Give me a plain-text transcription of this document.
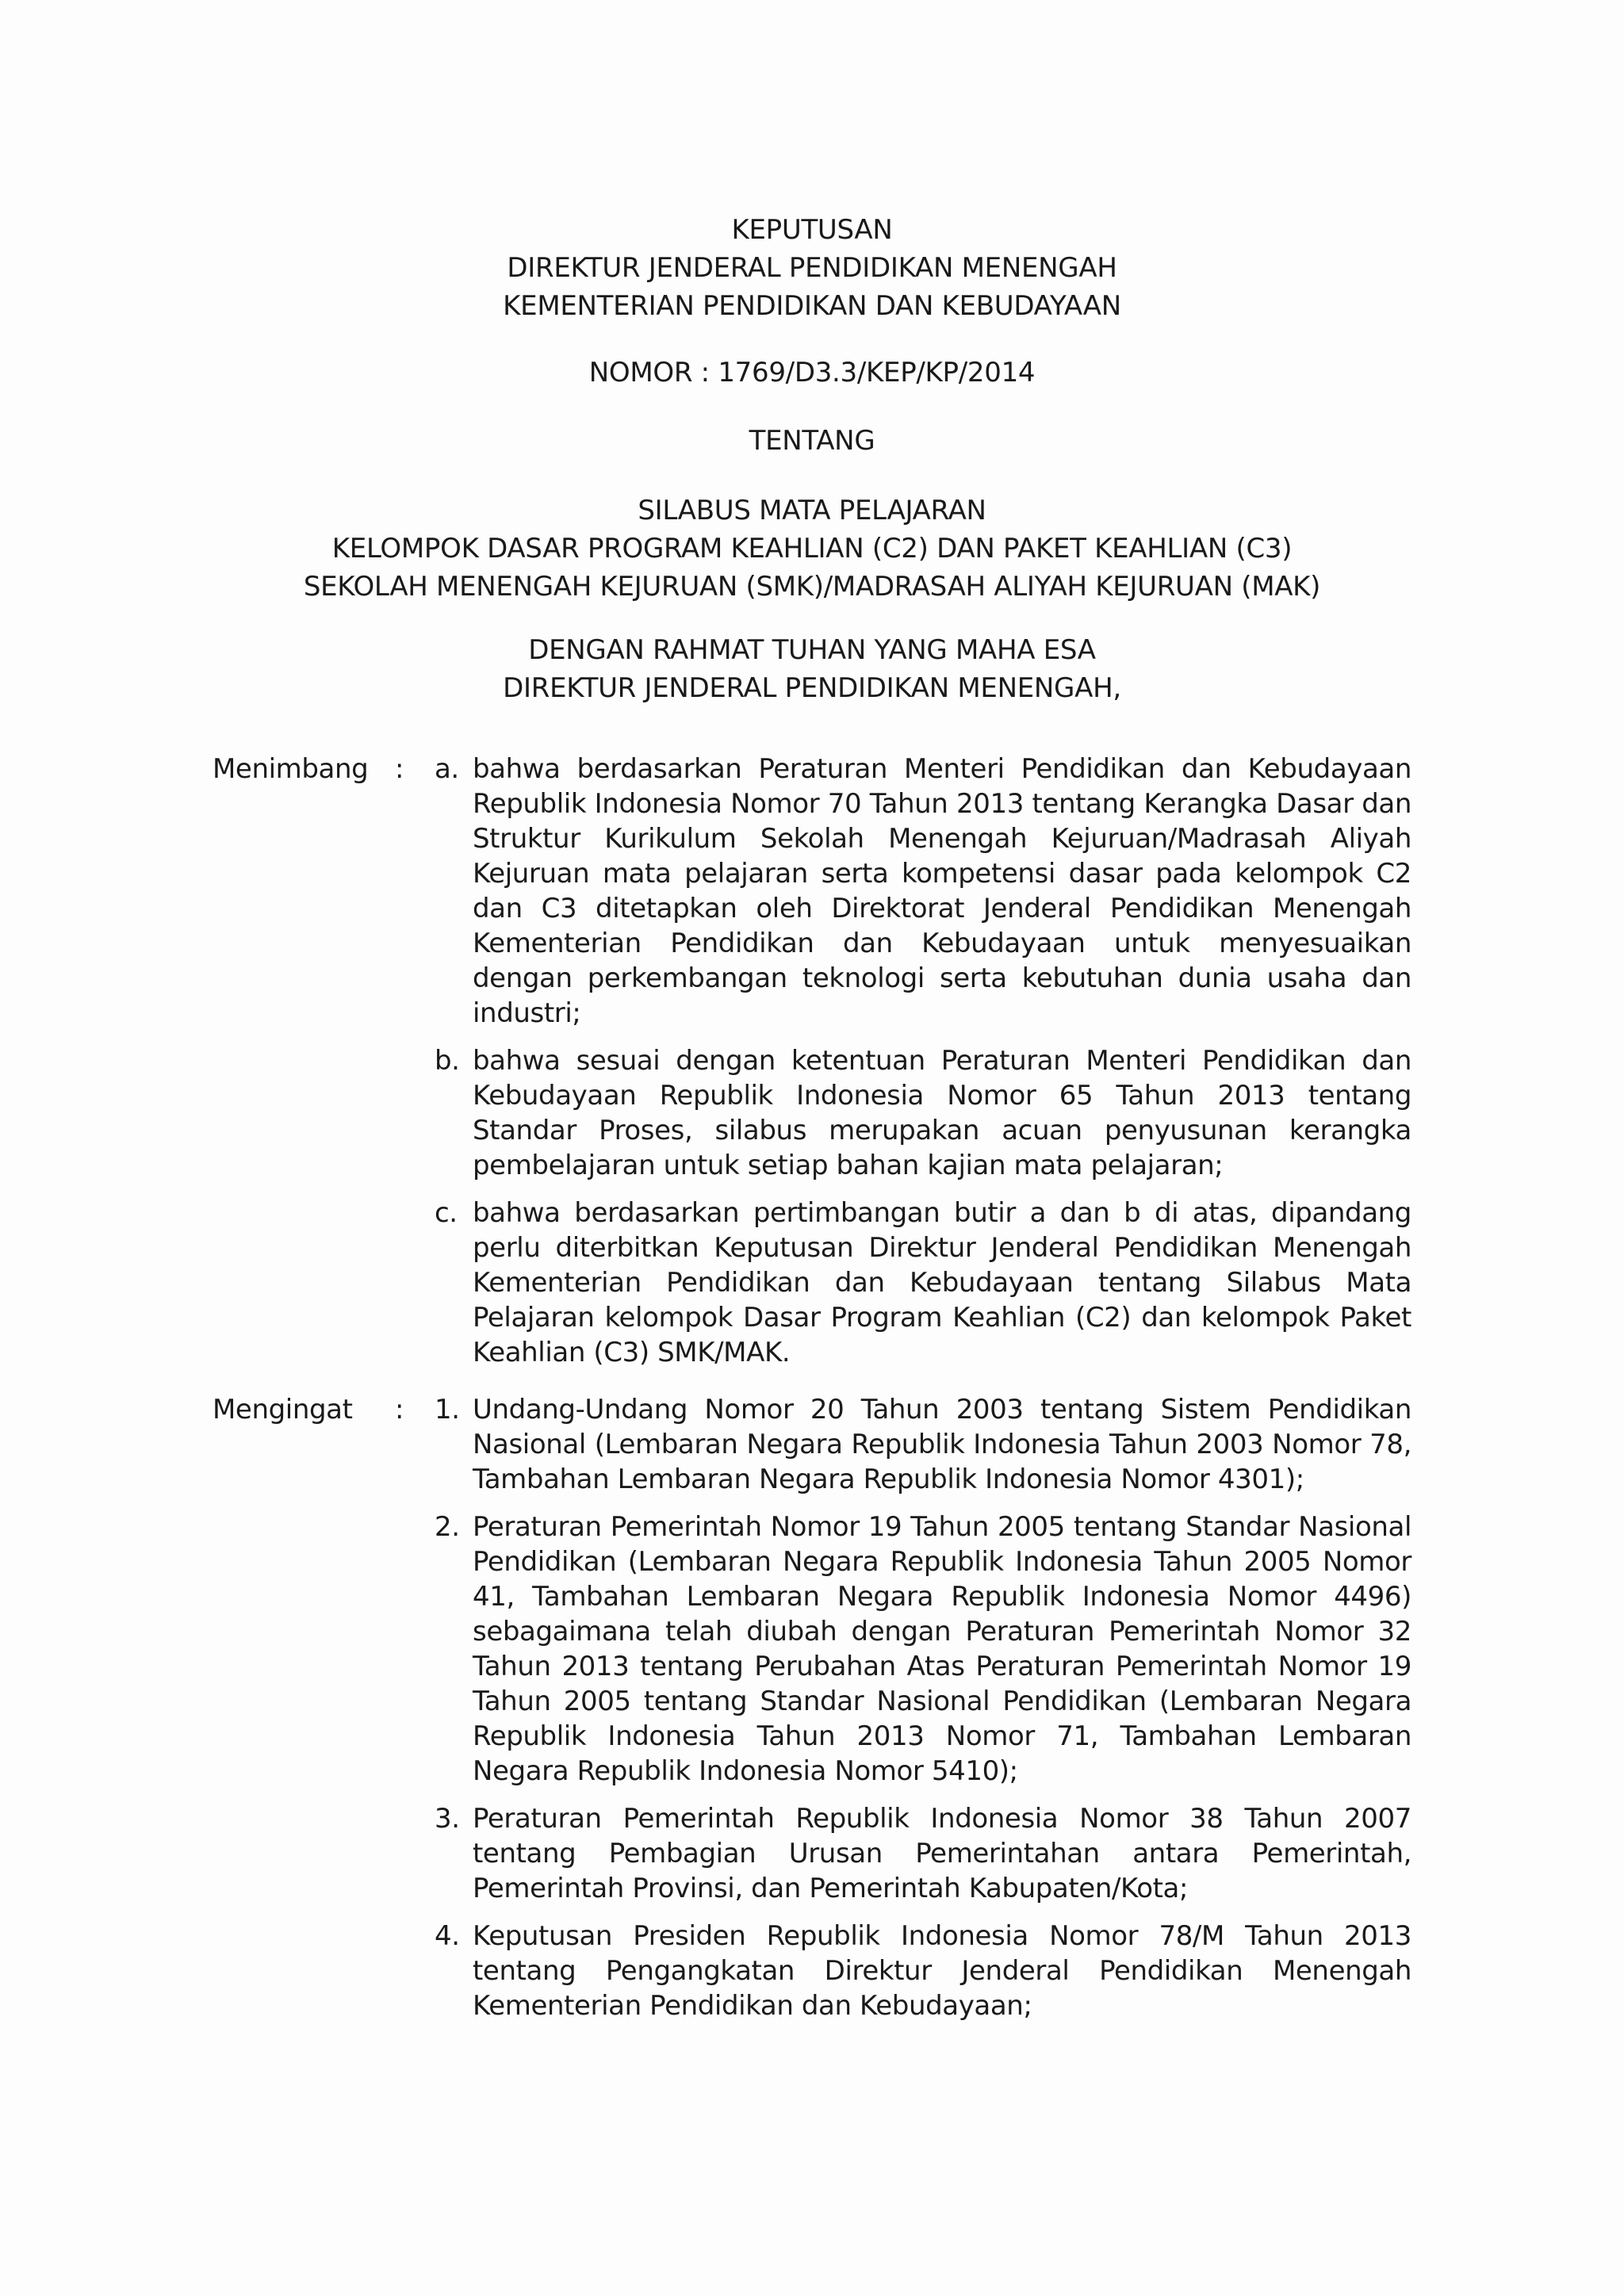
KEPUTUSAN
DIREKTUR JENDERAL PENDIDIKAN MENENGAH
KEMENTERIAN PENDIDIKAN DAN KEBUDAYAAN
NOMOR : 1769/D3.3/KEP/KP/2014
TENTANG
SILABUS MATA PELAJARAN
KELOMPOK DASAR PROGRAM KEAHLIAN (C2) DAN PAKET KEAHLIAN (C3)
SEKOLAH MENENGAH KEJURUAN (SMK)/MADRASAH ALIYAH KEJURUAN (MAK)
DENGAN RAHMAT TUHAN YANG MAHA ESA
DIREKTUR JENDERAL PENDIDIKAN MENENGAH,
Menimbang : a. bahwa berdasarkan Peraturan Menteri Pendidikan dan Kebudayaan Republik Indonesia Nomor 70 Tahun 2013 tentang Kerangka Dasar dan Struktur Kurikulum Sekolah Menengah Kejuruan/Madrasah Aliyah Kejuruan mata pelajaran serta kompetensi dasar pada kelompok C2 dan C3 ditetapkan oleh Direktorat Jenderal Pendidikan Menengah Kementerian Pendidikan dan Kebudayaan untuk menyesuaikan dengan perkembangan teknologi serta kebutuhan dunia usaha dan industri;
b. bahwa sesuai dengan ketentuan Peraturan Menteri Pendidikan dan Kebudayaan Republik Indonesia Nomor 65 Tahun 2013 tentang Standar Proses, silabus merupakan acuan penyusunan kerangka pembelajaran untuk setiap bahan kajian mata pelajaran;
c. bahwa berdasarkan pertimbangan butir a dan b di atas, dipandang perlu diterbitkan Keputusan Direktur Jenderal Pendidikan Menengah Kementerian Pendidikan dan Kebudayaan tentang Silabus Mata Pelajaran kelompok Dasar Program Keahlian (C2) dan kelompok Paket Keahlian (C3) SMK/MAK.
Mengingat : 1. Undang-Undang Nomor 20 Tahun 2003 tentang Sistem Pendidikan Nasional (Lembaran Negara Republik Indonesia Tahun 2003 Nomor 78, Tambahan Lembaran Negara Republik Indonesia Nomor 4301);
2. Peraturan Pemerintah Nomor 19 Tahun 2005 tentang Standar Nasional Pendidikan (Lembaran Negara Republik Indonesia Tahun 2005 Nomor 41, Tambahan Lembaran Negara Republik Indonesia Nomor 4496) sebagaimana telah diubah dengan Peraturan Pemerintah Nomor 32 Tahun 2013 tentang Perubahan Atas Peraturan Pemerintah Nomor 19 Tahun 2005 tentang Standar Nasional Pendidikan (Lembaran Negara Republik Indonesia Tahun 2013 Nomor 71, Tambahan Lembaran Negara Republik Indonesia Nomor 5410);
3. Peraturan Pemerintah Republik Indonesia Nomor 38 Tahun 2007 tentang Pembagian Urusan Pemerintahan antara Pemerintah, Pemerintah Provinsi, dan Pemerintah Kabupaten/Kota;
4. Keputusan Presiden Republik Indonesia Nomor 78/M Tahun 2013 tentang Pengangkatan Direktur Jenderal Pendidikan Menengah Kementerian Pendidikan dan Kebudayaan;
